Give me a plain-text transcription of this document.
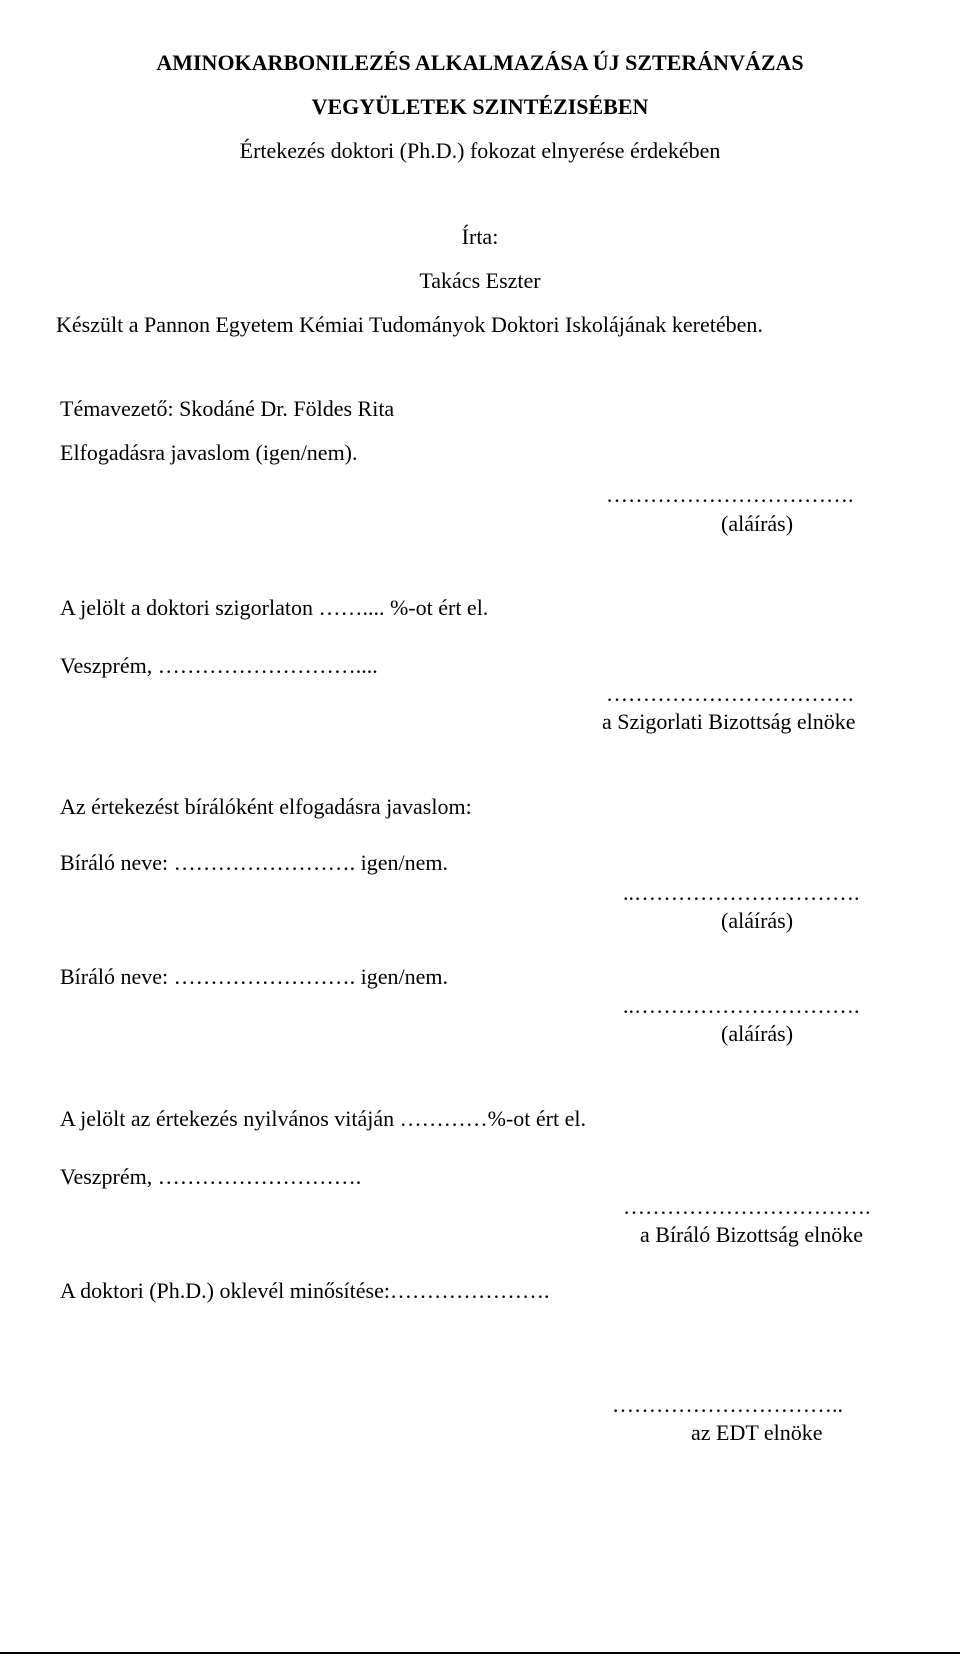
AMINOKARBONILEZÉS ALKALMAZÁSA ÚJ SZTERÁNVÁZAS
VEGYÜLETEK SZINTÉZISÉBEN
Értekezés doktori (Ph.D.) fokozat elnyerése érdekében
Írta:
Takács Eszter
Készült a Pannon Egyetem Kémiai Tudományok Doktori Iskolájának keretében.
Témavezető: Skodáné Dr. Földes Rita
Elfogadásra javaslom (igen/nem).
…………………………….
(aláírás)
A jelölt a doktori szigorlaton …….... %-ot ért el.
Veszprém, ………………………....
…………………………….
a Szigorlati Bizottság elnöke
Az értekezést bírálóként elfogadásra javaslom:
Bíráló neve: ……………………. igen/nem.
..………………………….
(aláírás)
Bíráló neve: ……………………. igen/nem.
..………………………….
(aláírás)
A jelölt az értekezés nyilvános vitáján …………%-ot ért el.
Veszprém, ……………………….
…………………………….
a Bíráló Bizottság elnöke
A doktori (Ph.D.) oklevél minősítése:………………….
…………………………..
az EDT elnöke
